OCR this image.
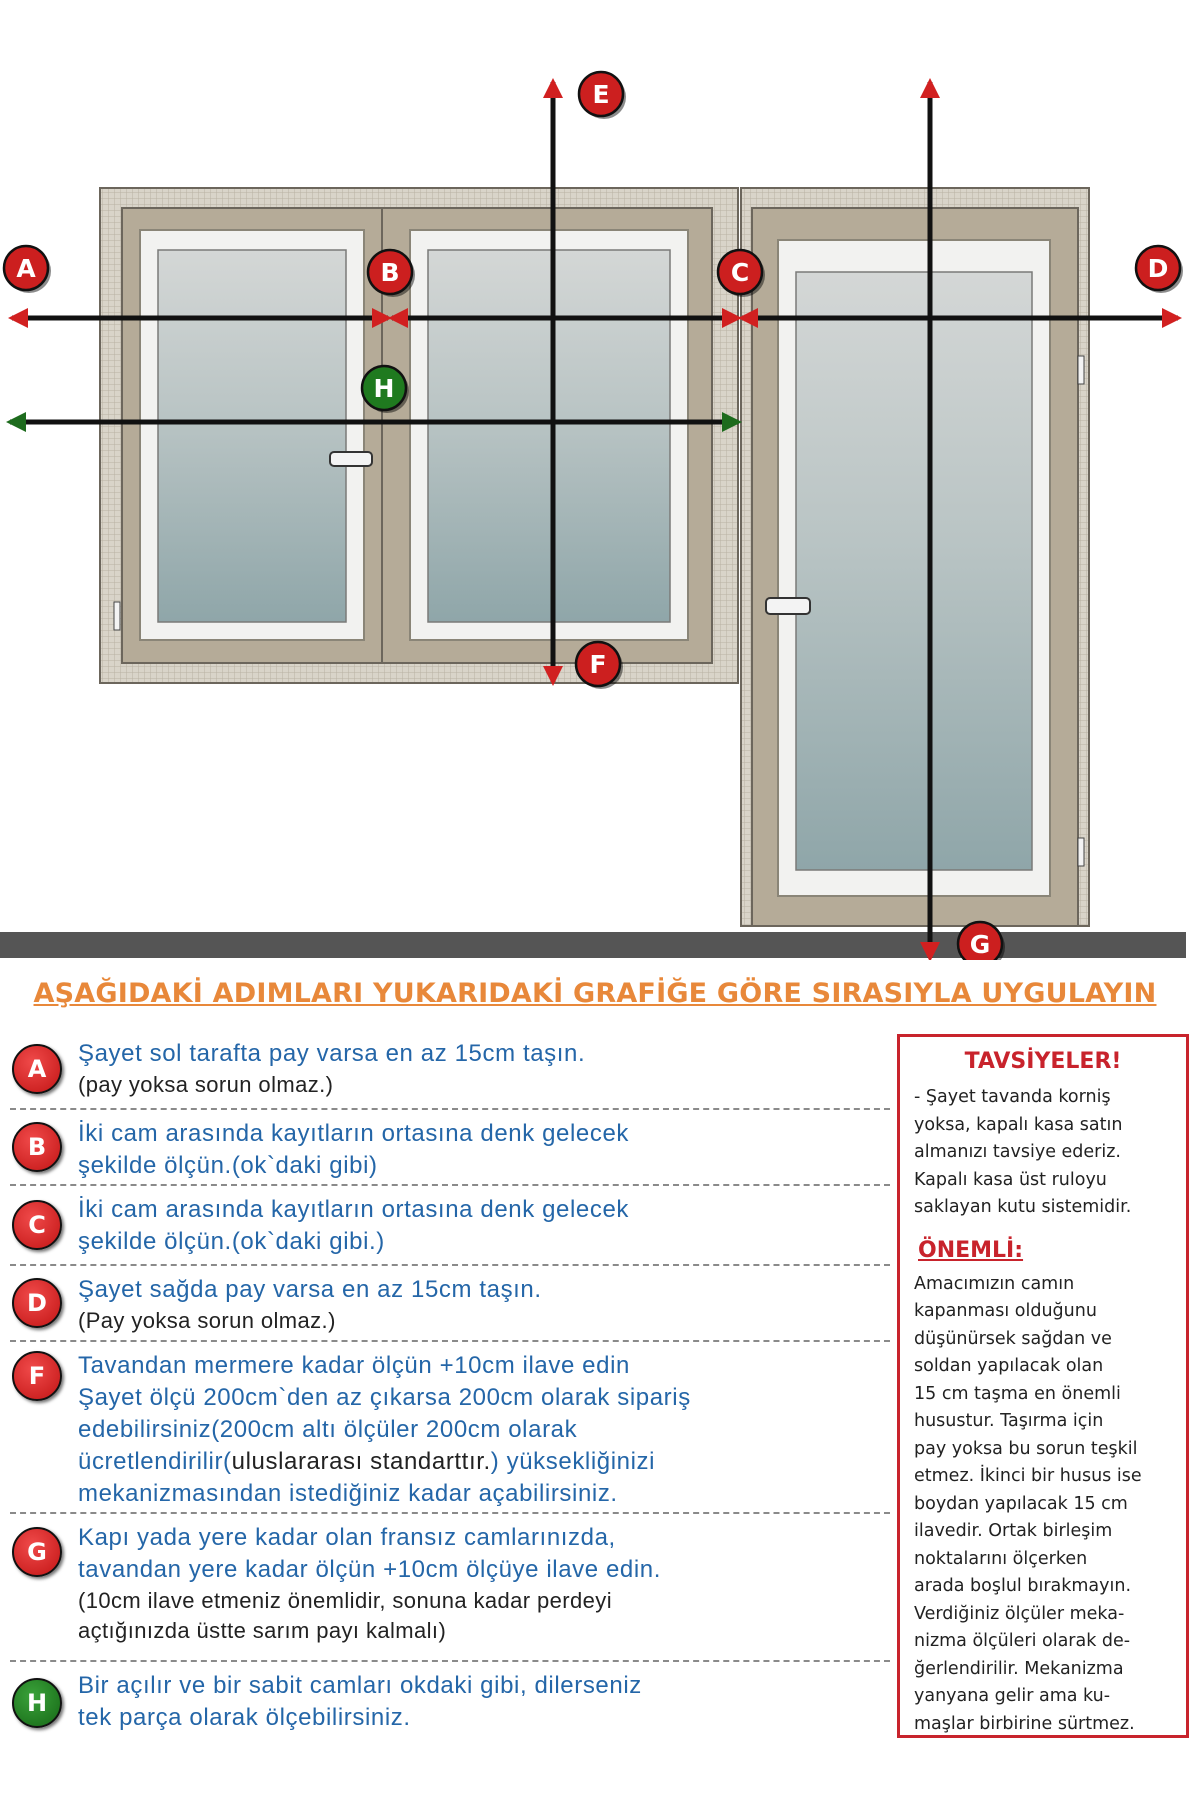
A	B	C	D
E
F
G
H
AŞAĞIDAKİ ADIMLARI YUKARIDAKİ GRAFİĞE GÖRE SIRASIYLA UYGULAYIN
A

Şayet sol tarafta pay varsa en az 15cm taşın.

(pay yoksa sorun olmaz.)

B	İki cam arasında kayıtların ortasına denk gelecek

şekilde ölçün.(ok`daki gibi)

C

İki cam arasında kayıtların ortasına denk gelecek

şekilde ölçün.(ok`daki gibi.)

D	Şayet sağda pay varsa en az 15cm taşın.

(Pay yoksa sorun olmaz.)

F	Tavandan mermere kadar ölçün +10cm ilave edin

Şayet ölçü 200cm`den az çıkarsa 200cm olarak sipariş

edebilirsiniz(200cm altı ölçüler 200cm olarak

ücretlendirilir(uluslararası standarttır.) yüksekliğinizi

mekanizmasından istediğiniz kadar açabilirsiniz.

G

Kapı yada yere kadar olan fransız camlarınızda,

tavandan yere kadar ölçün +10cm ölçüye ilave edin.

(10cm ilave etmeniz önemlidir, sonuna kadar perdeyi

açtığınızda üstte sarım payı kalmalı)

H

Bir açılır ve bir sabit camları okdaki gibi, dilerseniz

tek parça olarak ölçebilirsiniz.

TAVSİYELER!

- Şayet tavanda korniş

yoksa, kapalı kasa satın

almanızı tavsiye ederiz.

Kapalı kasa üst ruloyu

saklayan kutu sistemidir.

ÖNEMLİ:

Amacımızın camın

kapanması olduğunu

düşünürsek sağdan ve

soldan yapılacak olan

15 cm taşma en önemli

husustur. Taşırma için

pay yoksa bu sorun teşkil

etmez. İkinci bir husus ise

boydan yapılacak 15 cm

ilavedir. Ortak birleşim

noktalarını ölçerken

arada boşlul bırakmayın.

Verdiğiniz ölçüler meka-

nizma ölçüleri olarak de-

ğerlendirilir. Mekanizma

yanyana gelir ama ku-

maşlar birbirine sürtmez.
